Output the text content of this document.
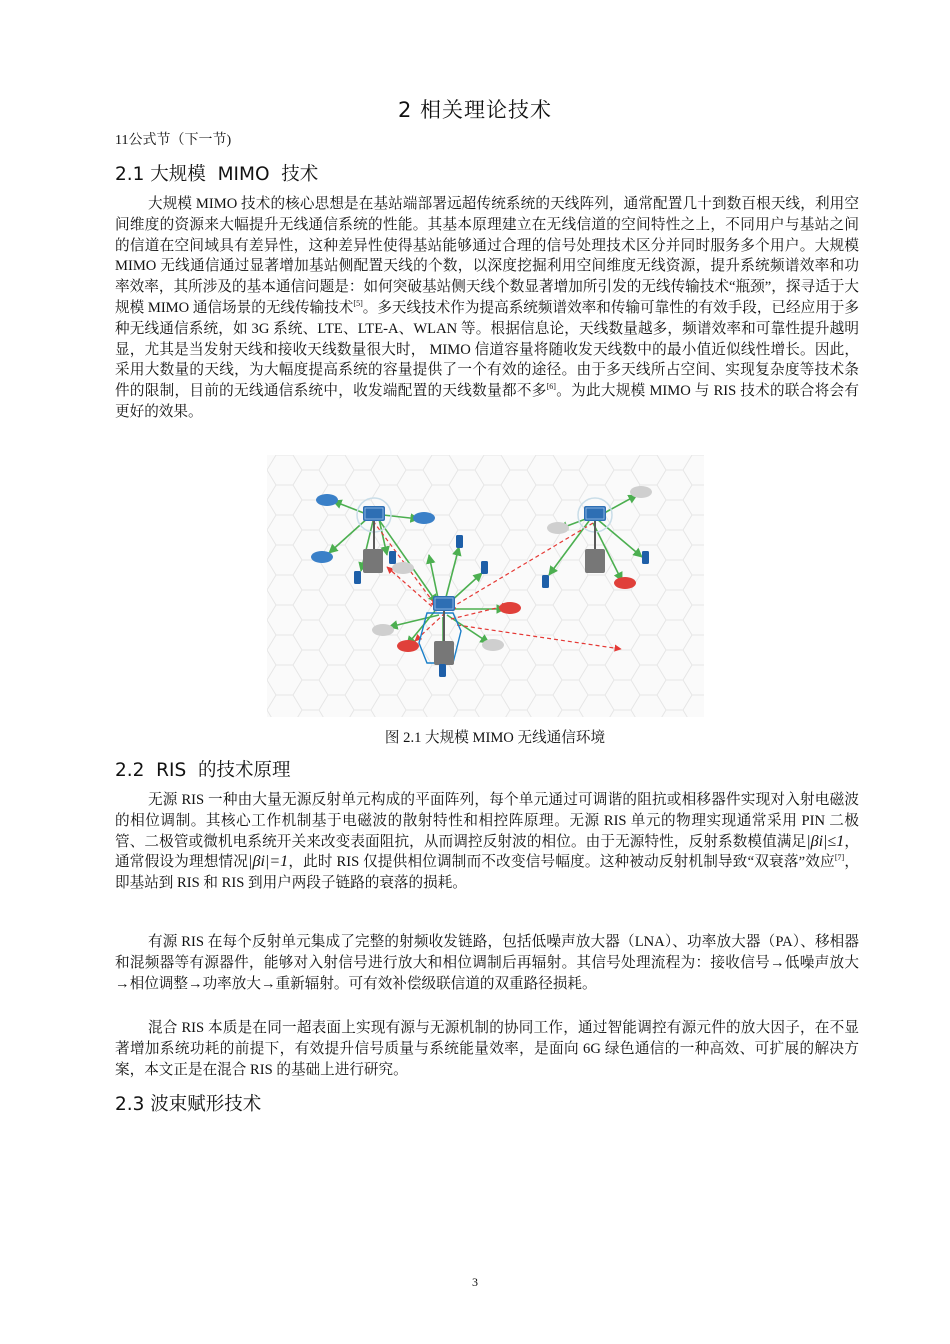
2 相关理论技术
11公式节（下一节)
2.1 大规模  MIMO  技术

大规模 MIMO 技术的核心思想是在基站端部署远超传统系统的天线阵列，通常配置几十到数百根天线，利用空间维度的资源来大幅提升无线通信系统的性能。其基本原理建立在无线信道的空间特性之上，不同用户与基站之间的信道在空间域具有差异性，这种差异性使得基站能够通过合理的信号处理技术区分并同时服务多个用户。大规模 MIMO 无线通信通过显著增加基站侧配置天线的个数，以深度挖掘利用空间维度无线资源，提升系统频谱效率和功率效率，其所涉及的基本通信问题是：如何突破基站侧天线个数显著增加所引发的无线传输技术“瓶颈”，探寻适于大规模 MIMO 通信场景的无线传输技术[5]。多天线技术作为提高系统频谱效率和传输可靠性的有效手段，已经应用于多种无线通信系统，如 3G 系统、LTE、LTE-A、WLAN 等。根据信息论，天线数量越多，频谱效率和可靠性提升越明显，尤其是当发射天线和接收天线数量很大时， MIMO 信道容量将随收发天线数中的最小值近似线性增长。因此，采用大数量的天线，为大幅度提高系统的容量提供了一个有效的途径。由于多天线所占空间、实现复杂度等技术条件的限制，目前的无线通信系统中，收发端配置的天线数量都不多[6]。为此大规模 MIMO 与 RIS 技术的联合将会有更好的效果。

图 2.1 大规模 MIMO 无线通信环境
2.2  RIS  的技术原理

无源 RIS 一种由大量无源反射单元构成的平面阵列，每个单元通过可调谐的阻抗或相移器件实现对入射电磁波的相位调制。其核心工作机制基于电磁波的散射特性和相控阵原理。无源 RIS 单元的物理实现通常采用 PIN 二极管、二极管或微机电系统开关来改变表面阻抗，从而调控反射波的相位。由于无源特性，反射系数模值满足|βi|≤1，通常假设为理想情况|βi|=1，此时 RIS 仅提供相位调制而不改变信号幅度。这种被动反射机制导致“双衰落”效应[7]，即基站到 RIS 和 RIS 到用户两段子链路的衰落的损耗。

有源 RIS 在每个反射单元集成了完整的射频收发链路，包括低噪声放大器（LNA）、功率放大器（PA）、移相器和混频器等有源器件，能够对入射信号进行放大和相位调制后再辐射。其信号处理流程为：接收信号→低噪声放大→相位调整→功率放大→重新辐射。可有效补偿级联信道的双重路径损耗。

混合 RIS 本质是在同一超表面上实现有源与无源机制的协同工作，通过智能调控有源元件的放大因子，在不显著增加系统功耗的前提下，有效提升信号质量与系统能量效率，是面向 6G 绿色通信的一种高效、可扩展的解决方案，本文正是在混合 RIS 的基础上进行研究。

2.3 波束赋形技术
3
